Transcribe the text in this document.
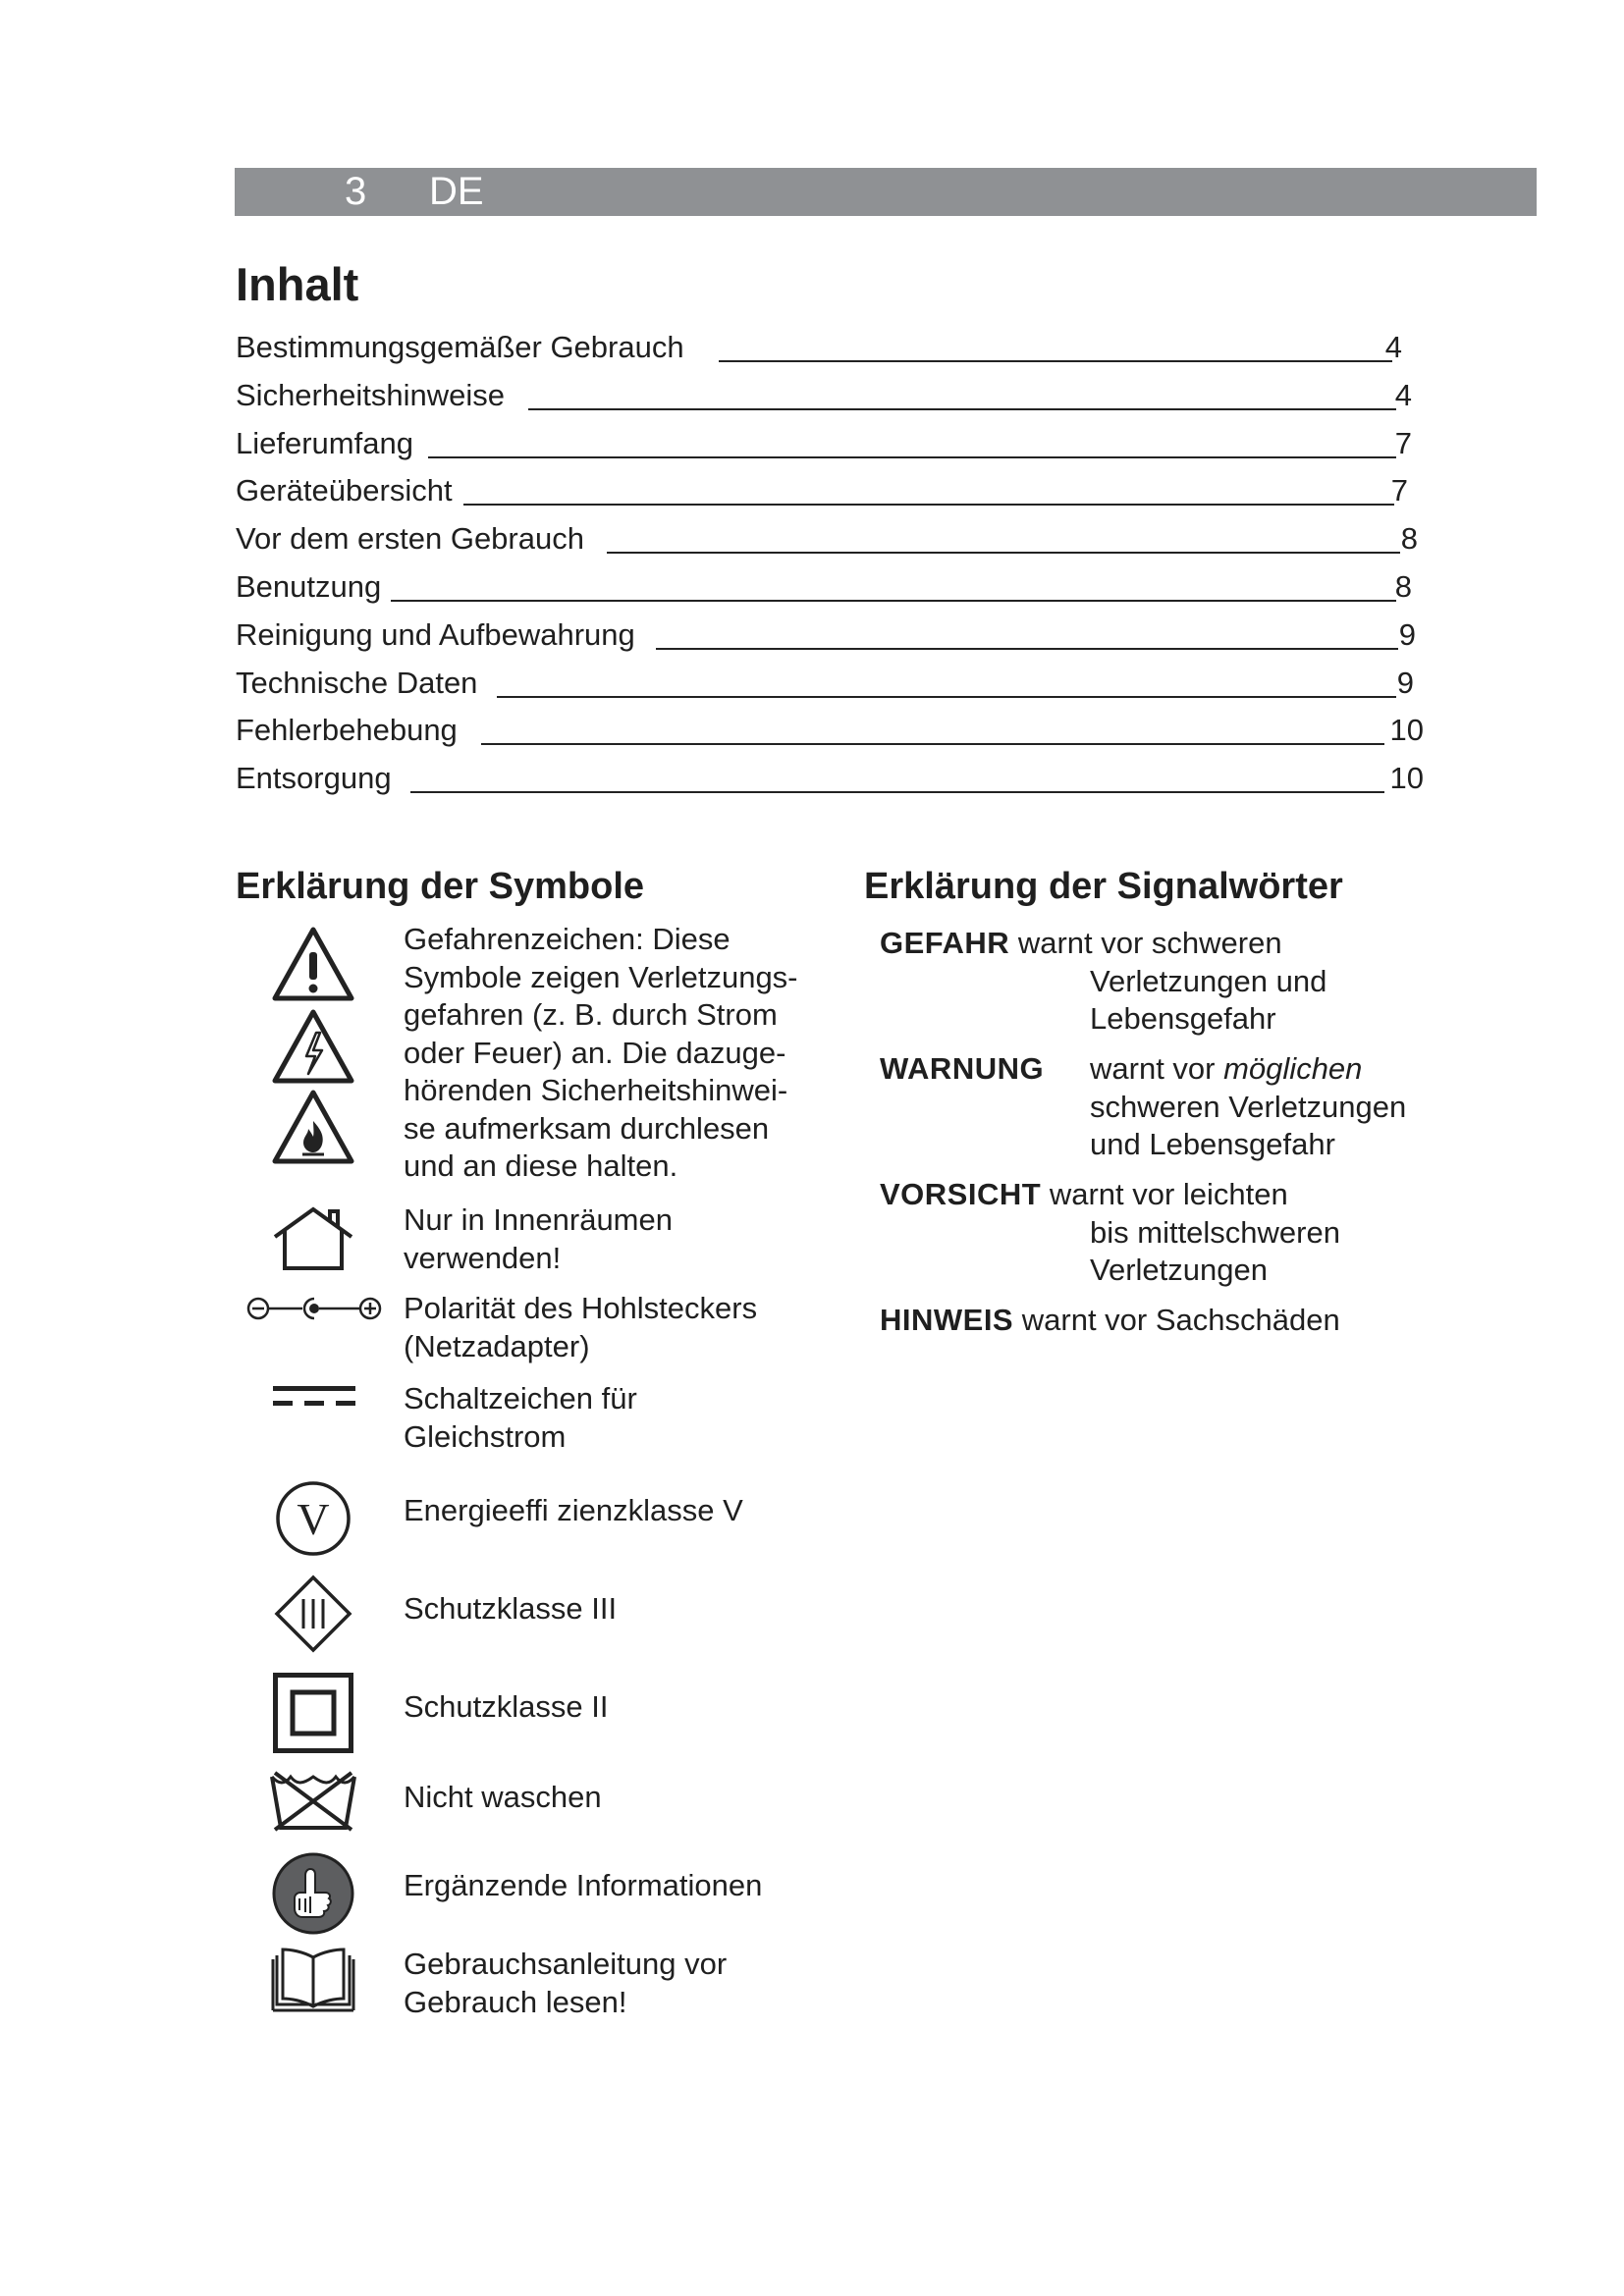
3 DE
Inhalt
Bestimmungsgemäßer Gebrauch	4
Sicherheitshinweise	4
Lieferumfang	7
Geräteübersicht	7
Vor dem ersten Gebrauch	8
Benutzung	8
Reinigung und Aufbewahrung	9
Technische Daten	9
Fehlerbehebung	10
Entsorgung	10
Erklärung der Symbole

Gefahrenzeichen: Diese Symbole zeigen Verletzungs-gefahren (z. B. durch Strom oder Feuer) an. Die dazuge-hörenden Sicherheitshinwei-se aufmerksam durchlesen und an diese halten.

Nur in Innenräumen verwenden!

Polarität des Hohlsteckers (Netzadapter)

Schaltzeichen für Gleichstrom

V Energieeffi zienzklasse V

Schutzklasse III

Schutzklasse II

Nicht waschen

Ergänzende Informationen

Gebrauchsanleitung vor Gebrauch lesen!

Erklärung der Signalwörter
GEFAHR warnt vor schweren
Verletzungen und
Lebensgefahr
WARNUNG warnt vor möglichen
schweren Verletzungen
und Lebensgefahr
VORSICHT warnt vor leichten
bis mittelschweren
Verletzungen
HINWEIS warnt vor Sachschäden
